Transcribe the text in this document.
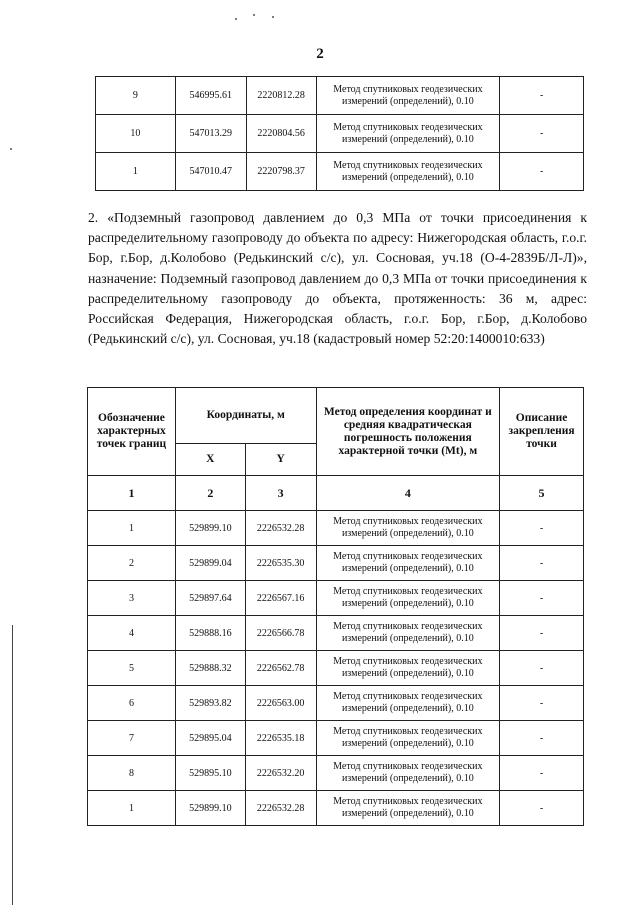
2
9	546995.61	2220812.28	Метод спутниковых геодезических измерений (определений), 0.10	-
10	547013.29	2220804.56	Метод спутниковых геодезических измерений (определений), 0.10	-
1	547010.47	2220798.37	Метод спутниковых геодезических измерений (определений), 0.10	-
2. «Подземный газопровод давлением до 0,3 МПа от точки присоединения к распределительному газопроводу до объекта по адресу: Нижегородская область, г.о.г. Бор, г.Бор, д.Колобово (Редькинский с/с), ул. Сосновая, уч.18 (О-4-2839Б/Л-Л)», назначение: Подземный газопровод давлением до 0,3 МПа от точки присоединения к распределительному газопроводу до объекта, протяженность: 36 м, адрес: Российская Федерация, Нижегородская область, г.о.г. Бор, г.Бор, д.Колобово (Редькинский с/с), ул. Сосновая, уч.18 (кадастровый номер 52:20:1400010:633)
Обозначение характерных точек границ	Координаты, м		Метод определения координат и средняя квадратическая погрешность положения характерной точки (Mt), м	Описание закрепления точки
	X	Y		
1	2	3	4	5
1	529899.10	2226532.28	Метод спутниковых геодезических измерений (определений), 0.10	-
2	529899.04	2226535.30	Метод спутниковых геодезических измерений (определений), 0.10	-
3	529897.64	2226567.16	Метод спутниковых геодезических измерений (определений), 0.10	-
4	529888.16	2226566.78	Метод спутниковых геодезических измерений (определений), 0.10	-
5	529888.32	2226562.78	Метод спутниковых геодезических измерений (определений), 0.10	-
6	529893.82	2226563.00	Метод спутниковых геодезических измерений (определений), 0.10	-
7	529895.04	2226535.18	Метод спутниковых геодезических измерений (определений), 0.10	-
8	529895.10	2226532.20	Метод спутниковых геодезических измерений (определений), 0.10	-
1	529899.10	2226532.28	Метод спутниковых геодезических измерений (определений), 0.10	-
